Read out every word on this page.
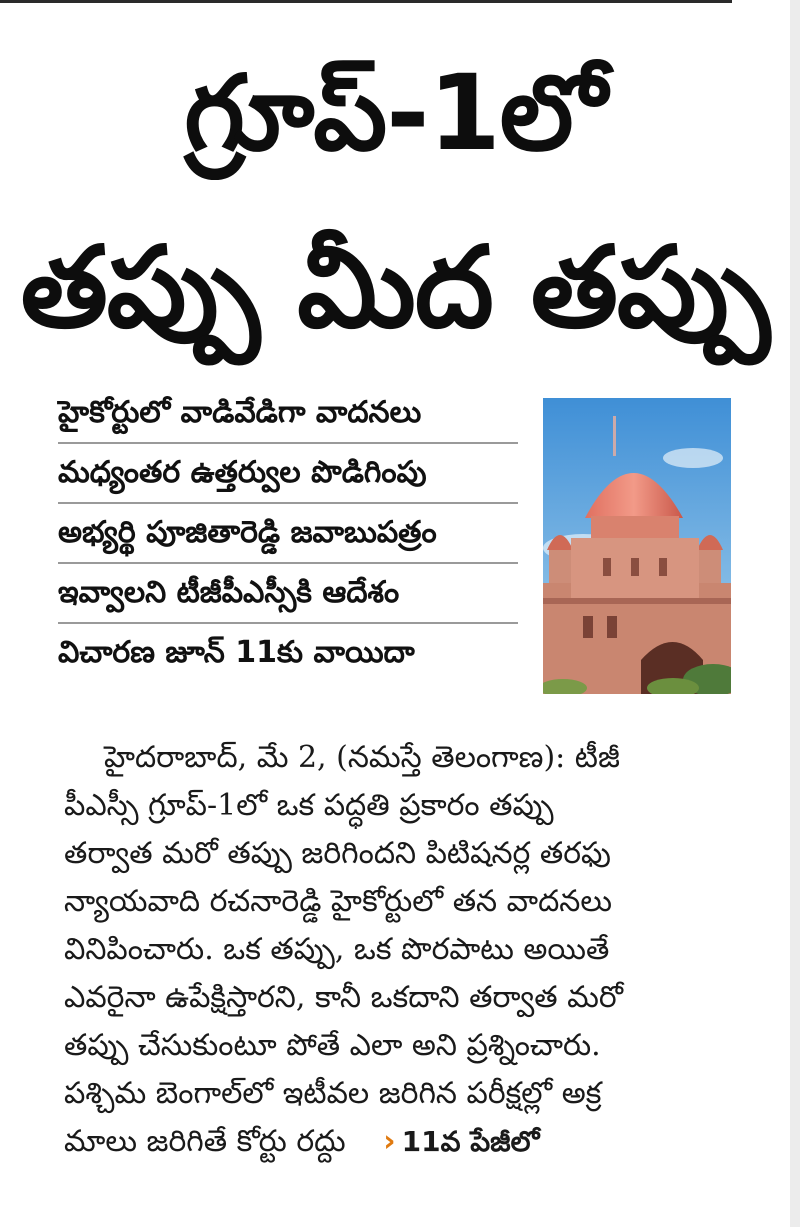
గ్రూప్-1లో
తప్పు మీద తప్పు
హైకోర్టులో వాడివేడిగా వాదనలు
మధ్యంతర ఉత్తర్వుల పొడిగింపు
అభ్యర్థి పూజితారెడ్డి జవాబుపత్రం
ఇవ్వాలని టీజీపీఎస్సీకి ఆదేశం
విచారణ జూన్ 11కు వాయిదా
హైదరాబాద్, మే 2, (నమస్తే తెలంగాణ): టీజీ
పీఎస్సీ గ్రూప్-1లో ఒక పద్ధతి ప్రకారం తప్పు
తర్వాత మరో తప్పు జరిగిందని పిటిషనర్ల తరఫు
న్యాయవాది రచనారెడ్డి హైకోర్టులో తన వాదనలు
వినిపించారు. ఒక తప్పు, ఒక పొరపాటు అయితే
ఎవరైనా ఉపేక్షిస్తారని, కానీ ఒకదాని తర్వాత మరో
తప్పు చేసుకుంటూ పోతే ఎలా అని ప్రశ్నించారు.
పశ్చిమ బెంగాల్‌లో ఇటీవల జరిగిన పరీక్షల్లో అక్ర
మాలు జరిగితే కోర్టు రద్దు › 11వ పేజీలో
